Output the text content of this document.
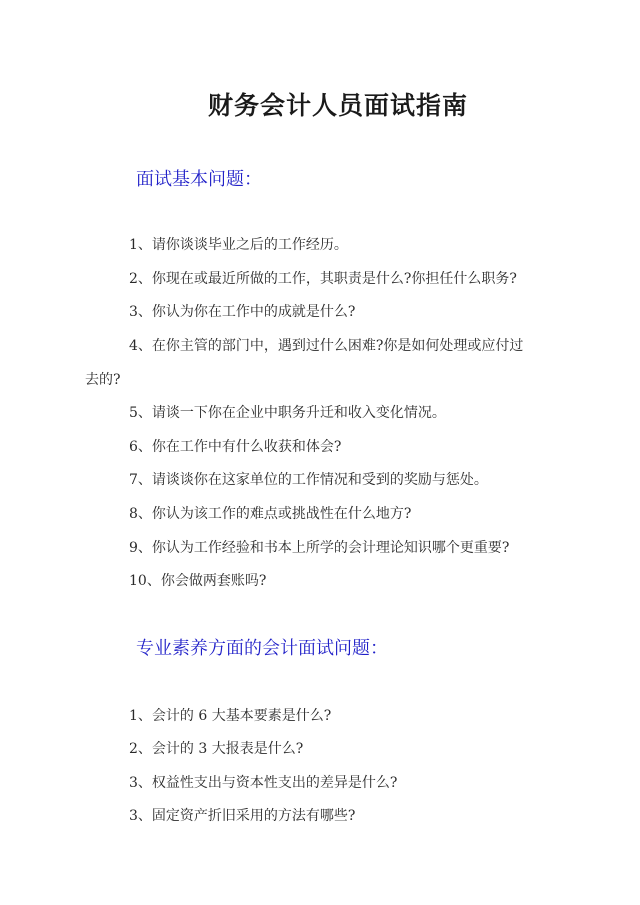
财务会计人员面试指南
面试基本问题：
1、请你谈谈毕业之后的工作经历。
2、你现在或最近所做的工作，其职责是什么?你担任什么职务?
3、你认为你在工作中的成就是什么?
4、在你主管的部门中，遇到过什么困难?你是如何处理或应付过
去的?
5、请谈一下你在企业中职务升迁和收入变化情况。
6、你在工作中有什么收获和体会?
7、请谈谈你在这家单位的工作情况和受到的奖励与惩处。
8、你认为该工作的难点或挑战性在什么地方?
9、你认为工作经验和书本上所学的会计理论知识哪个更重要?
10、你会做两套账吗?
专业素养方面的会计面试问题：
1、会计的 6 大基本要素是什么?
2、会计的 3 大报表是什么?
3、权益性支出与资本性支出的差异是什么?
3、固定资产折旧采用的方法有哪些?
